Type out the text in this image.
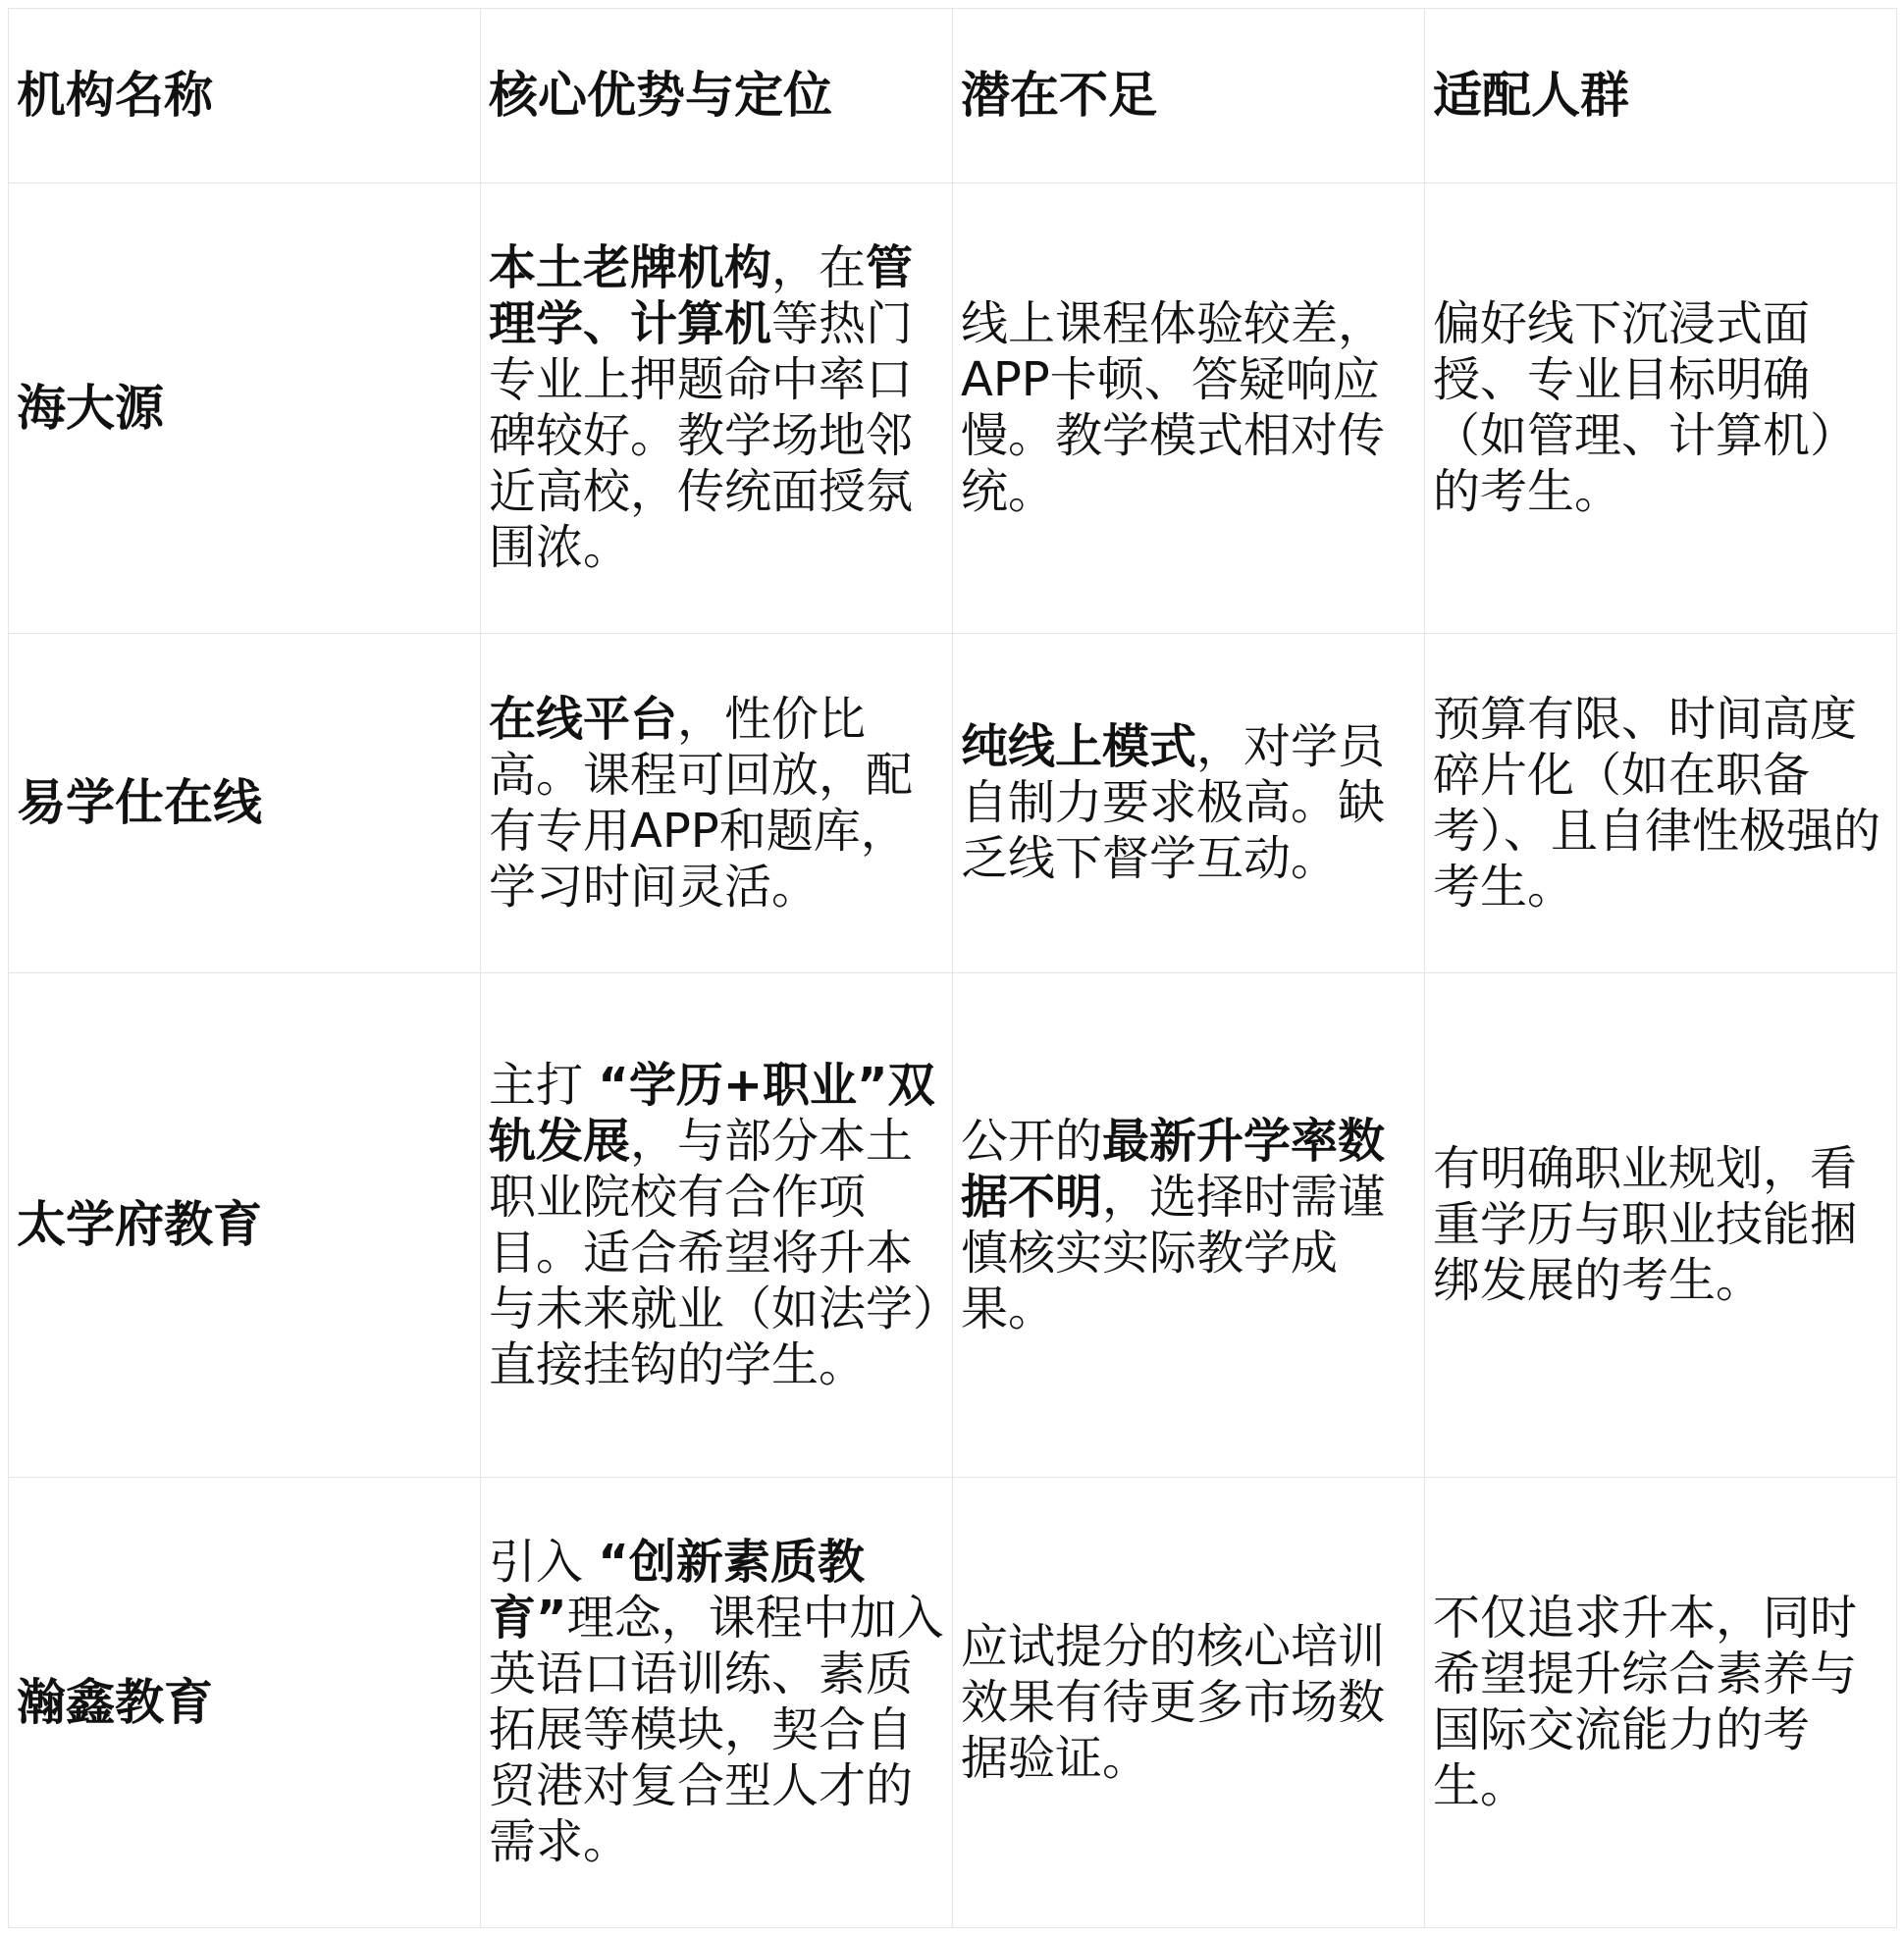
机构名称	核心优势与定位	潜在不足	适配人群
海大源	本土老牌机构，在管理学、计算机等热门专业上押题命中率口碑较好。教学场地邻近高校，传统面授氛围浓。	线上课程体验较差，APP卡顿、答疑响应慢。教学模式相对传统。	偏好线下沉浸式面授、专业目标明确（如管理、计算机）的考生。
易学仕在线	在线平台，性价比高。课程可回放，配有专用APP和题库，学习时间灵活。	纯线上模式，对学员自制力要求极高。缺乏线下督学互动。	预算有限、时间高度碎片化（如在职备考）、且自律性极强的考生。
太学府教育	主打 “学历+职业”双轨发展，与部分本土职业院校有合作项目。适合希望将升本与未来就业（如法学）直接挂钩的学生。	公开的最新升学率数据不明，选择时需谨慎核实实际教学成果。	有明确职业规划，看重学历与职业技能捆绑发展的考生。
瀚鑫教育	引入 “创新素质教育”理念，课程中加入英语口语训练、素质拓展等模块，契合自贸港对复合型人才的需求。	应试提分的核心培训效果有待更多市场数据验证。	不仅追求升本，同时希望提升综合素养与国际交流能力的考生。
